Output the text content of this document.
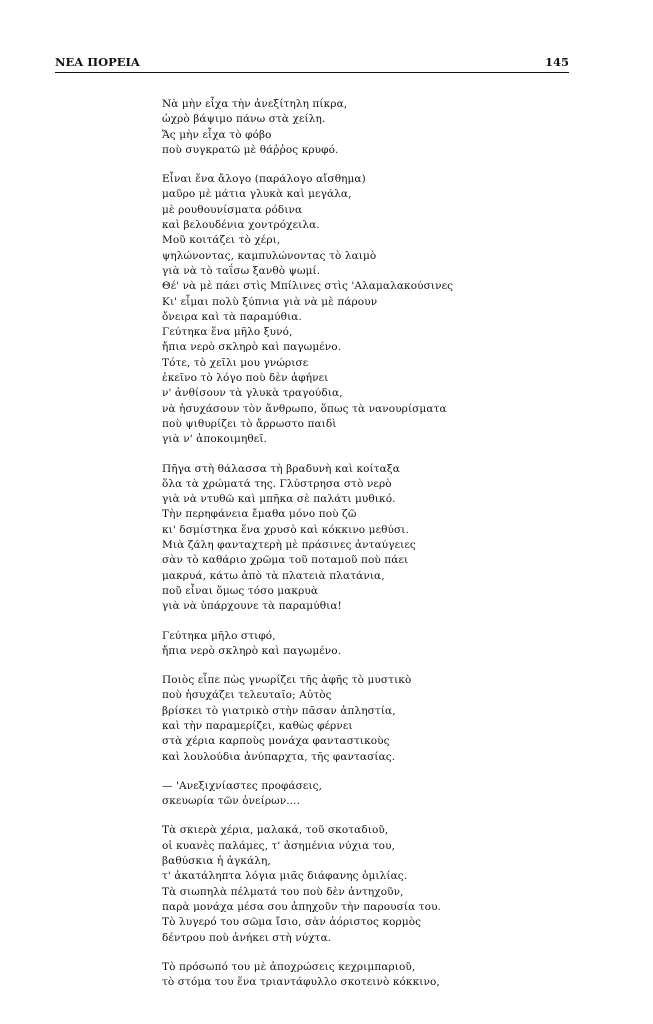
ΝΕΑ ΠΟΡΕΙΑ	145
Νὰ μὴν εἶχα τὴν ἀνεξίτηλη πίκρα,
ὠχρὸ βάψιμο πάνω στὰ χείλη.
Ἄς μὴν εἶχα τὸ φόβο
ποὺ συγκρατῶ μὲ θάῤῥος κρυφό.
Εἶναι ἕνα ἄλογο (παράλογο αἴσθημα)
μαῦρο μὲ μάτια γλυκὰ καὶ μεγάλα,
μὲ ρουθουνίσματα ρόδινα
καὶ βελουδένια χοντρόχειλα.
Μοῦ κοιτάζει τὸ χέρι,
ψηλώνοντας, καμπυλώνοντας τὸ λαιμὸ
γιὰ νὰ τὸ ταΐσω ξανθὸ ψωμί.
Θέ' νὰ μὲ πάει στὶς Μπίλινες στὶς 'Αλαμαλακούσινες
Κι' εἶμαι πολὺ ξύπνια γιὰ νὰ μὲ πάρουν
ὄνειρα καὶ τὰ παραμύθια.
Γεύτηκα ἕνα μῆλο ξυνό,
ἤπια νερὸ σκληρὸ καὶ παγωμένο.
Τότε, τὸ χεῖλι μου γνώρισε
ἐκεῖνο τὸ λόγο ποὺ δὲν ἀφήνει
ν' ἀνθίσουν τὰ γλυκὰ τραγούδια,
νὰ ἡσυχάσουν τὸν ἄνθρωπο, ὅπως τὰ νανουρίσματα
ποὺ ψιθυρίζει τὸ ἄρρωστο παιδὶ
γιὰ ν' ἀποκοιμηθεῖ.
Πῆγα στὴ θάλασσα τὴ βραδυνὴ καὶ κοίταξα
ὅλα τὰ χρώματά της. Γλύστρησα στὸ νερὸ
γιὰ νὰ ντυθῶ καὶ μπῆκα σὲ παλάτι μυθικό.
Τὴν περηφάνεια ἔμαθα μόνο ποὺ ζῶ
κι' δσμίστηκα ἕνα χρυσὸ καὶ κόκκινο μεθύσι.
Μιὰ ζάλη φανταχτερὴ μὲ πράσινες ἀνταύγειες
σὰν τὸ καθάριο χρῶμα τοῦ ποταμοῦ ποὺ πάει
μακρυά, κάτω ἀπὸ τὰ πλατειὰ πλατάνια,
ποῦ εἶναι ὅμως τόσο μακρυὰ
γιὰ νὰ ὑπάρχουνε τὰ παραμύθια!
Γεύτηκα μῆλο στιφό,
ἤπια νερὸ σκληρὸ καὶ παγωμένο.
Ποιὸς εἶπε πὼς γνωρίζει τῆς ἀφῆς τὸ μυστικὸ
ποὺ ἡσυχάζει τελευταῖο; Αὐτὸς
βρίσκει τὸ γιατρικὸ στὴν πᾶσαν ἀπληστία,
καὶ τὴν παραμερίζει, καθὼς φέρνει
στὰ χέρια καρποὺς μονάχα φανταστικοὺς
καὶ λουλούδια ἀνύπαρχτα, τῆς φαντασίας.
— 'Ανεξιχνίαστες προφάσεις,
σκευωρία τῶν ὀνείρων....
Τὰ σκιερὰ χέρια, μαλακά, τοῦ σκοταδιοῦ,
οἱ κυανὲς παλάμες, τ' ἀσημένια νύχια του,
βαθύσκια ἡ ἀγκάλη,
τ' ἀκατάληπτα λόγια μιᾶς διάφανης ὁμιλίας.
Τὰ σιωπηλὰ πέλματά του ποὺ δὲν ἀντηχοῦν,
παρὰ μονάχα μέσα σου ἀπηχοῦν τὴν παρουσία του.
Τὸ λυγερό του σῶμα ἴσιο, σὰν ἀόριστος κορμὸς
δέντρου ποὺ ἀνήκει στὴ νύχτα.
Τὸ πρόσωπό του μὲ ἀποχρώσεις κεχριμπαριοῦ,
τὸ στόμα του ἕνα τριαντάφυλλο σκοτεινὸ κόκκινο,
